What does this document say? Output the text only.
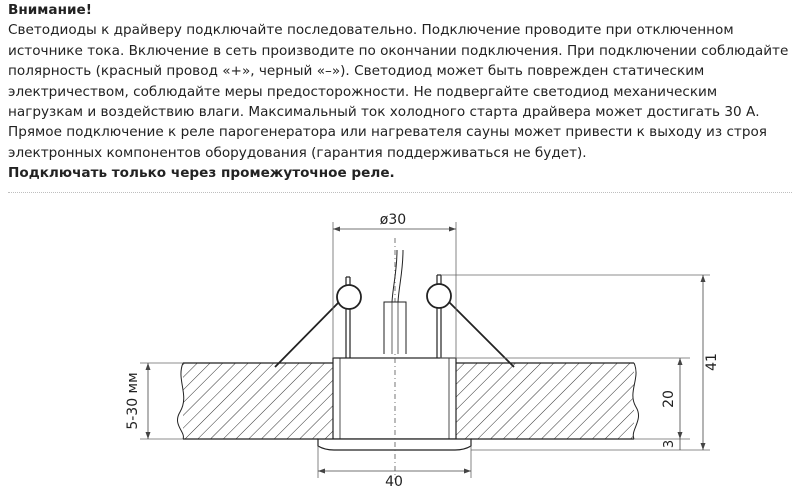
Внимание!
Светодиоды к драйверу подключайте последовательно. Подключение проводите при отключенном источнике тока. Включение в сеть производите по окончании подключения. При подключении соблюдайте полярность (красный провод «+», черный «–»). Светодиод может быть поврежден статическим электричеством, соблюдайте меры предосторожности. Не подвергайте светодиод механическим нагрузкам и воздействию влаги. Максимальный ток холодного старта драйвера может достигать 30 А. Прямое подключение к реле парогенератора или нагревателя сауны может привести к выходу из строя электронных компонентов оборудования (гарантия поддерживаться не будет).
Подключать только через промежуточное реле.
ø30
40
5-30 мм	20
3
41
